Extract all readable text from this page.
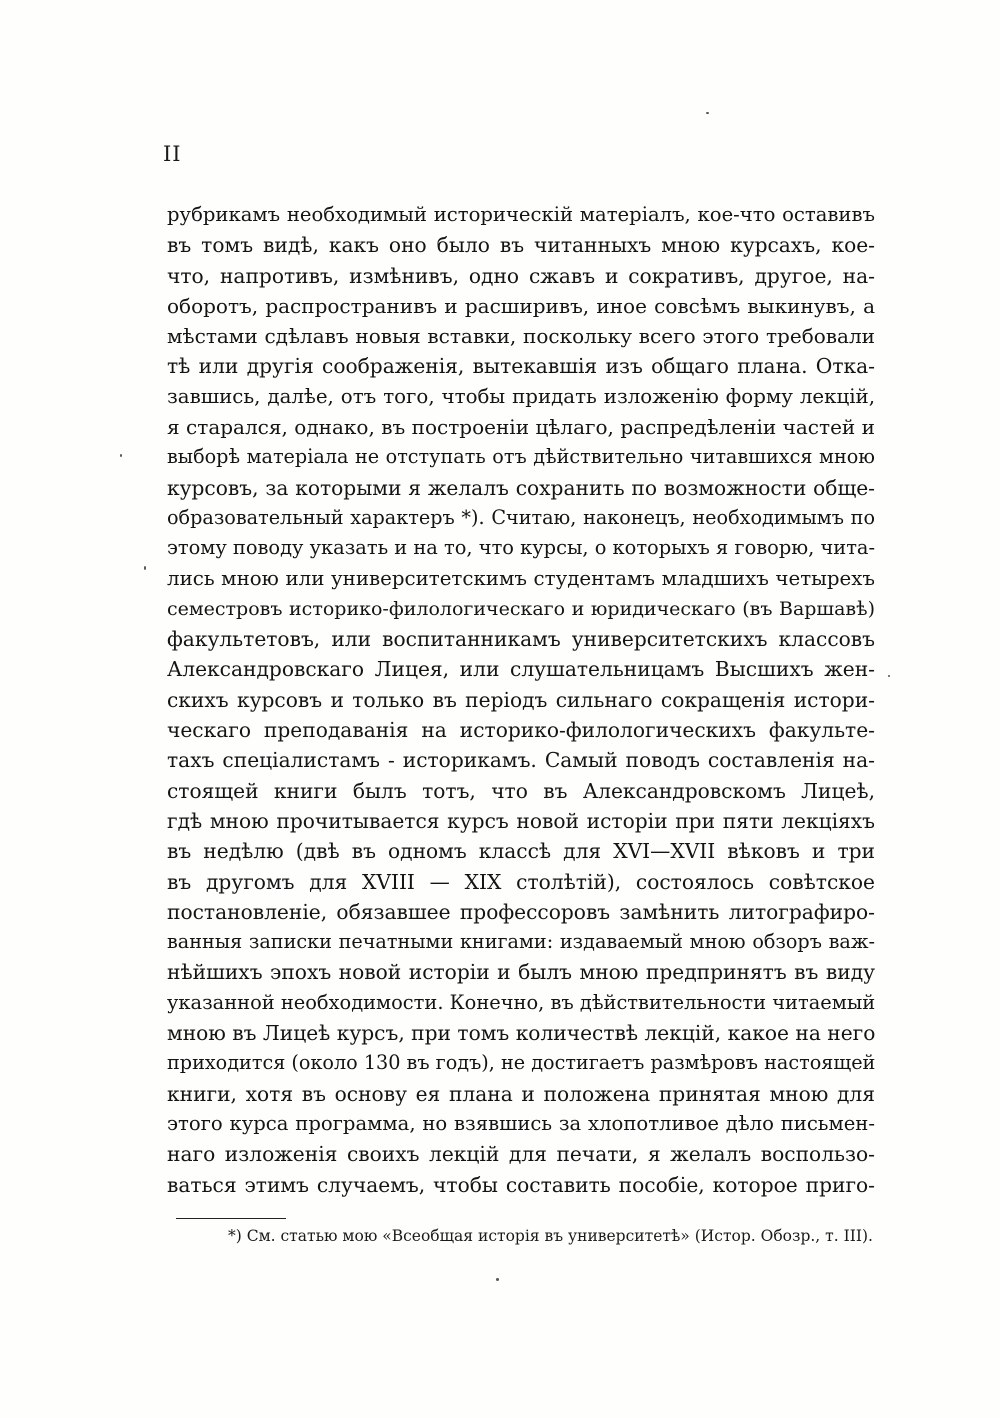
II
рубрикамъ необходимый историческій матеріалъ, кое-что оставивъ
въ томъ видѣ, какъ оно было въ читанныхъ мною курсахъ, кое-
что, напротивъ, измѣнивъ, одно сжавъ и сокративъ, другое, на-
оборотъ, распространивъ и расширивъ, иное совсѣмъ выкинувъ, а
мѣстами сдѣлавъ новыя вставки, поскольку всего этого требовали
тѣ или другія соображенія, вытекавшія изъ общаго плана. Отка-
завшись, далѣе, отъ того, чтобы придать изложенію форму лекцій,
я старался, однако, въ построеніи цѣлаго, распредѣленіи частей и
выборѣ матеріала не отступать отъ дѣйствительно читавшихся мною
курсовъ, за которыми я желалъ сохранить по возможности обще-
образовательный характеръ *). Считаю, наконецъ, необходимымъ по
этому поводу указать и на то, что курсы, о которыхъ я говорю, чита-
лись мною или университетскимъ студентамъ младшихъ четырехъ
семестровъ историко-филологическаго и юридическаго (въ Варшавѣ)
факультетовъ, или воспитанникамъ университетскихъ классовъ
Александровскаго Лицея, или слушательницамъ Высшихъ жен-
скихъ курсовъ и только въ періодъ сильнаго сокращенія истори-
ческаго преподаванія на историко-филологическихъ факульте-
тахъ спеціалистамъ - историкамъ. Самый поводъ составленія на-
стоящей книги былъ тотъ, что въ Александровскомъ Лицеѣ,
гдѣ мною прочитывается курсъ новой исторіи при пяти лекціяхъ
въ недѣлю (двѣ въ одномъ классѣ для XVI—XVII вѣковъ и три
въ другомъ для XVIII — XIX столѣтій), состоялось совѣтское
постановленіе, обязавшее профессоровъ замѣнить литографиро-
ванныя записки печатными книгами: издаваемый мною обзоръ важ-
нѣйшихъ эпохъ новой исторіи и былъ мною предпринятъ въ виду
указанной необходимости. Конечно, въ дѣйствительности читаемый
мною въ Лицеѣ курсъ, при томъ количествѣ лекцій, какое на него
приходится (около 130 въ годъ), не достигаетъ размѣровъ настоящей
книги, хотя въ основу ея плана и положена принятая мною для
этого курса программа, но взявшись за хлопотливое дѣло письмен-
наго изложенія своихъ лекцій для печати, я желалъ воспользо-
ваться этимъ случаемъ, чтобы составить пособіе, которое приго-
*) См. статью мою «Всеобщая исторія въ университетѣ» (Истор. Обозр., т. III).
